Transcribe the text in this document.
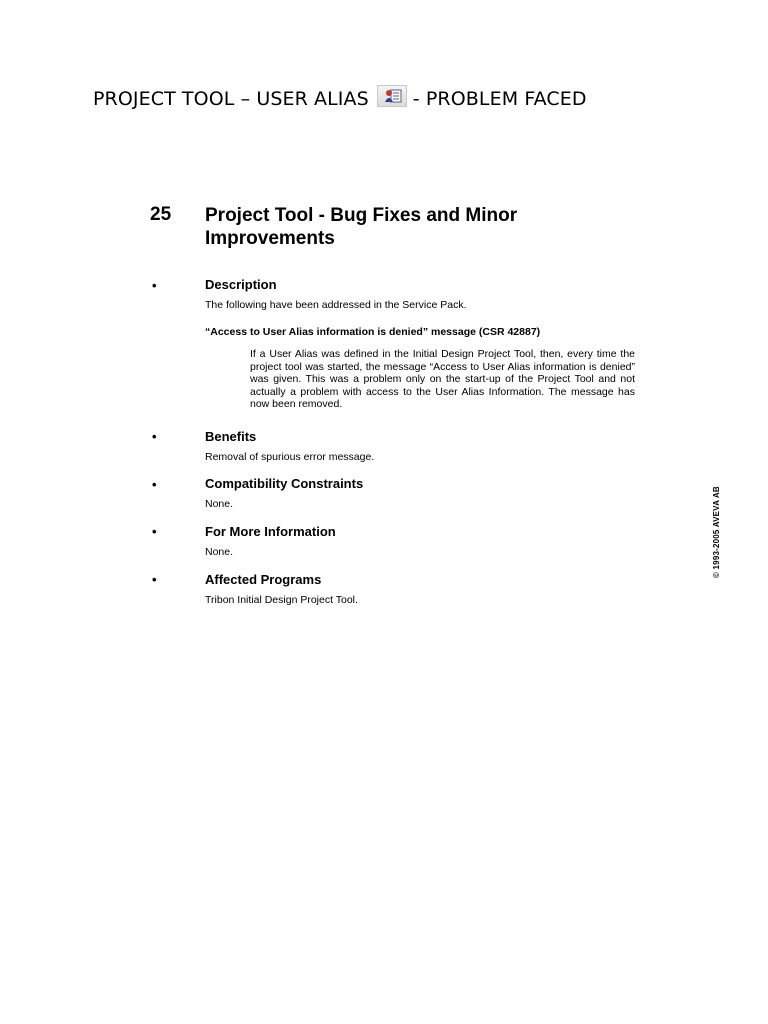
PROJECT TOOL – USER ALIAS - PROBLEM FACED
25 Project Tool - Bug Fixes and Minor Improvements
•	Description
The following have been addressed in the Service Pack.
“Access to User Alias information is denied” message (CSR 42887)
If a User Alias was defined in the Initial Design Project Tool, then, every time the project tool was started, the message “Access to User Alias information is denied” was given. This was a problem only on the start-up of the Project Tool and not actually a problem with access to the User Alias Information. The message has now been removed.
•	Benefits
Removal of spurious error message.
•	Compatibility Constraints
None.
•	For More Information
None.
•	Affected Programs
Tribon Initial Design Project Tool.
© 1993-2005 AVEVA AB
